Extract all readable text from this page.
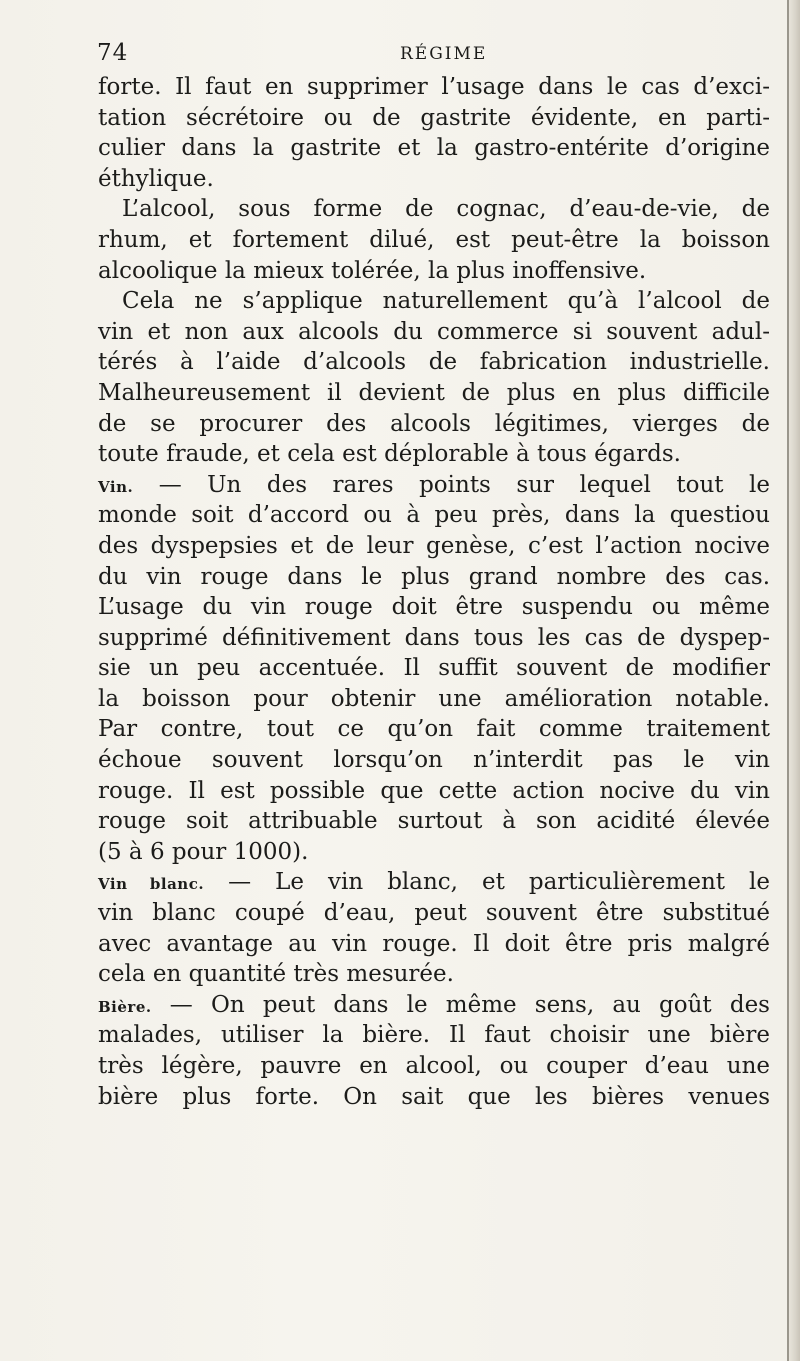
74	RÉGIME
forte. Il faut en supprimer l’usage dans le cas d’exci-
tation sécrétoire ou de gastrite évidente, en parti-
culier dans la gastrite et la gastro-entérite d’origine
éthylique.
L’alcool, sous forme de cognac, d’eau-de-vie, de
rhum, et fortement dilué, est peut-être la boisson
alcoolique la mieux tolérée, la plus inoffensive.
Cela ne s’applique naturellement qu’à l’alcool de
vin et non aux alcools du commerce si souvent adul-
térés à l’aide d’alcools de fabrication industrielle.
Malheureusement il devient de plus en plus difficile
de se procurer des alcools légitimes, vierges de
toute fraude, et cela est déplorable à tous égards.
Vin. — Un des rares points sur lequel tout le
monde soit d’accord ou à peu près, dans la questiou
des dyspepsies et de leur genèse, c’est l’action nocive
du vin rouge dans le plus grand nombre des cas.
L’usage du vin rouge doit être suspendu ou même
supprimé définitivement dans tous les cas de dyspep-
sie un peu accentuée. Il suffit souvent de modifier
la boisson pour obtenir une amélioration notable.
Par contre, tout ce qu’on fait comme traitement
échoue souvent lorsqu’on n’interdit pas le vin
rouge. Il est possible que cette action nocive du vin
rouge soit attribuable surtout à son acidité élevée
(5 à 6 pour 1000).
Vin blanc. — Le vin blanc, et particulièrement le
vin blanc coupé d’eau, peut souvent être substitué
avec avantage au vin rouge. Il doit être pris malgré
cela en quantité très mesurée.
Bière. — On peut dans le même sens, au goût des
malades, utiliser la bière. Il faut choisir une bière
très légère, pauvre en alcool, ou couper d’eau une
bière plus forte. On sait que les bières venues
